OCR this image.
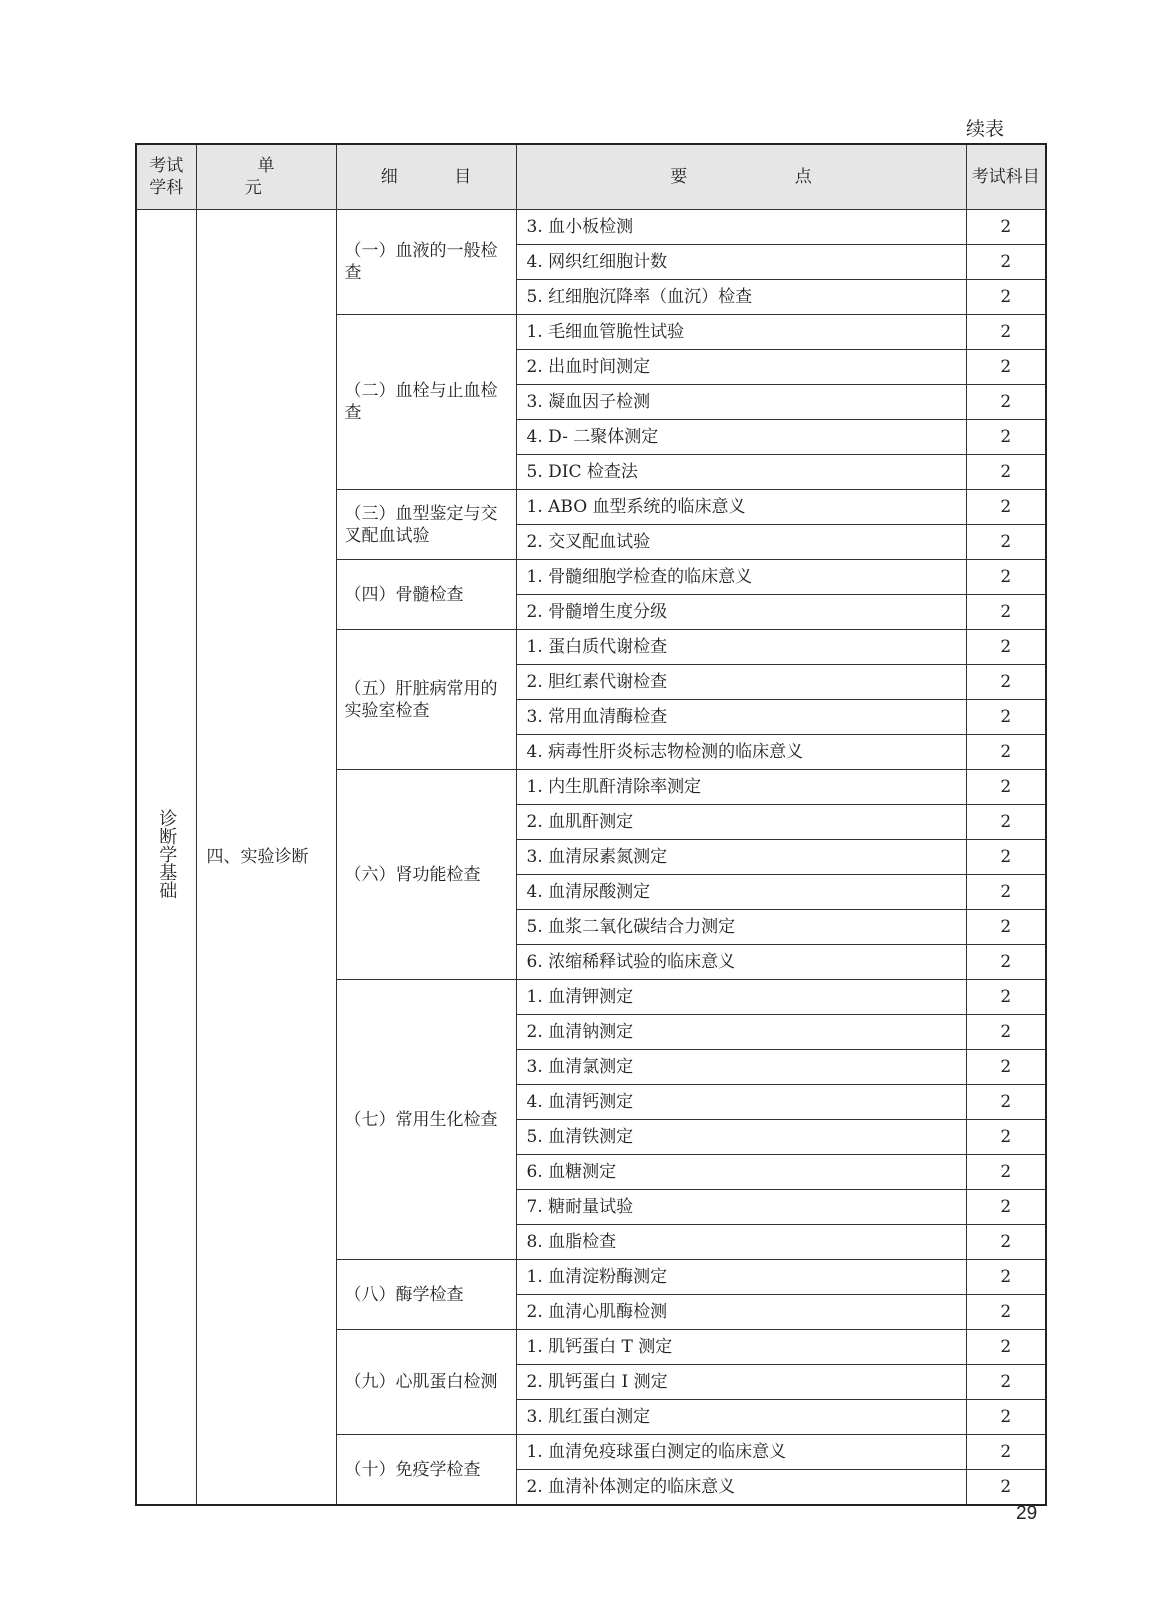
续表
考试学科	单 元	细 目	要 点	考试科目
诊断学基础	四、实验诊断	（一）血液的一般检查	3. 血小板检测	2
			4. 网织红细胞计数	2
			5. 红细胞沉降率（血沉）检查	2
		（二）血栓与止血检查	1. 毛细血管脆性试验	2
			2. 出血时间测定	2
			3. 凝血因子检测	2
			4. D- 二聚体测定	2
			5. DIC 检查法	2
		（三）血型鉴定与交叉配血试验	1. ABO 血型系统的临床意义	2
			2. 交叉配血试验	2
		（四）骨髓检查	1. 骨髓细胞学检查的临床意义	2
			2. 骨髓增生度分级	2
		（五）肝脏病常用的实验室检查	1. 蛋白质代谢检查	2
			2. 胆红素代谢检查	2
			3. 常用血清酶检查	2
			4. 病毒性肝炎标志物检测的临床意义	2
		（六）肾功能检查	1. 内生肌酐清除率测定	2
			2. 血肌酐测定	2
			3. 血清尿素氮测定	2
			4. 血清尿酸测定	2
			5. 血浆二氧化碳结合力测定	2
			6. 浓缩稀释试验的临床意义	2
		（七）常用生化检查	1. 血清钾测定	2
			2. 血清钠测定	2
			3. 血清氯测定	2
			4. 血清钙测定	2
			5. 血清铁测定	2
			6. 血糖测定	2
			7. 糖耐量试验	2
			8. 血脂检查	2
		（八）酶学检查	1. 血清淀粉酶测定	2
			2. 血清心肌酶检测	2
		（九）心肌蛋白检测	1. 肌钙蛋白 T 测定	2
			2. 肌钙蛋白 I 测定	2
			3. 肌红蛋白测定	2
		（十）免疫学检查	1. 血清免疫球蛋白测定的临床意义	2
			2. 血清补体测定的临床意义	2
29
